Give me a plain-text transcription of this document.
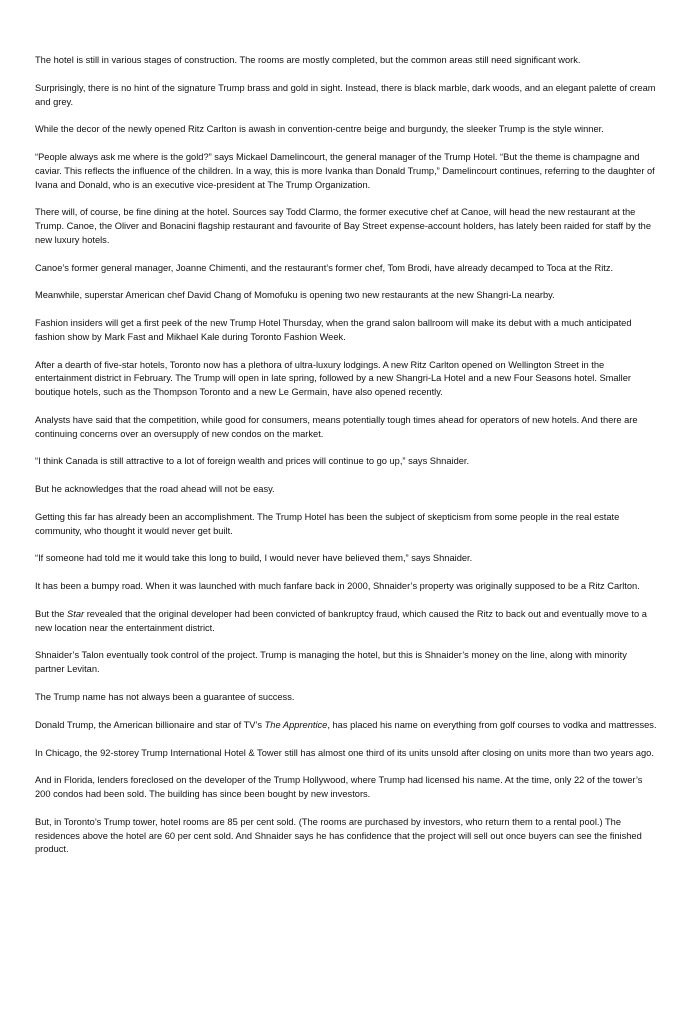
The hotel is still in various stages of construction. The rooms are mostly completed, but the common areas still need significant work.

Surprisingly, there is no hint of the signature Trump brass and gold in sight. Instead, there is black marble, dark woods, and an elegant palette of cream and grey.

While the decor of the newly opened Ritz Carlton is awash in convention-centre beige and burgundy, the sleeker Trump is the style winner.

“People always ask me where is the gold?” says Mickael Damelincourt, the general manager of the Trump Hotel. “But the theme is champagne and caviar. This reflects the influence of the children. In a way, this is more Ivanka than Donald Trump,” Damelincourt continues, referring to the daughter of Ivana and Donald, who is an executive vice-president at The Trump Organization.

There will, of course, be fine dining at the hotel. Sources say Todd Clarmo, the former executive chef at Canoe, will head the new restaurant at the Trump. Canoe, the Oliver and Bonacini flagship restaurant and favourite of Bay Street expense-account holders, has lately been raided for staff by the new luxury hotels.

Canoe’s former general manager, Joanne Chimenti, and the restaurant’s former chef, Tom Brodi, have already decamped to Toca at the Ritz.

Meanwhile, superstar American chef David Chang of Momofuku is opening two new restaurants at the new Shangri-La nearby.

Fashion insiders will get a first peek of the new Trump Hotel Thursday, when the grand salon ballroom will make its debut with a much anticipated fashion show by Mark Fast and Mikhael Kale during Toronto Fashion Week.

After a dearth of five-star hotels, Toronto now has a plethora of ultra-luxury lodgings. A new Ritz Carlton opened on Wellington Street in the entertainment district in February. The Trump will open in late spring, followed by a new Shangri-La Hotel and a new Four Seasons hotel. Smaller boutique hotels, such as the Thompson Toronto and a new Le Germain, have also opened recently.

Analysts have said that the competition, while good for consumers, means potentially tough times ahead for operators of new hotels. And there are continuing concerns over an oversupply of new condos on the market.

“I think Canada is still attractive to a lot of foreign wealth and prices will continue to go up,” says Shnaider.

But he acknowledges that the road ahead will not be easy.

Getting this far has already been an accomplishment. The Trump Hotel has been the subject of skepticism from some people in the real estate community, who thought it would never get built.

“If someone had told me it would take this long to build, I would never have believed them,” says Shnaider.

It has been a bumpy road. When it was launched with much fanfare back in 2000, Shnaider’s property was originally supposed to be a Ritz Carlton.

But the Star revealed that the original developer had been convicted of bankruptcy fraud, which caused the Ritz to back out and eventually move to a new location near the entertainment district.

Shnaider’s Talon eventually took control of the project. Trump is managing the hotel, but this is Shnaider’s money on the line, along with minority partner Levitan.

The Trump name has not always been a guarantee of success.

Donald Trump, the American billionaire and star of TV’s The Apprentice, has placed his name on everything from golf courses to vodka and mattresses.

In Chicago, the 92-storey Trump International Hotel & Tower still has almost one third of its units unsold after closing on units more than two years ago.

And in Florida, lenders foreclosed on the developer of the Trump Hollywood, where Trump had licensed his name. At the time, only 22 of the tower’s 200 condos had been sold. The building has since been bought by new investors.

But, in Toronto’s Trump tower, hotel rooms are 85 per cent sold. (The rooms are purchased by investors, who return them to a rental pool.) The residences above the hotel are 60 per cent sold. And Shnaider says he has confidence that the project will sell out once buyers can see the finished product.
